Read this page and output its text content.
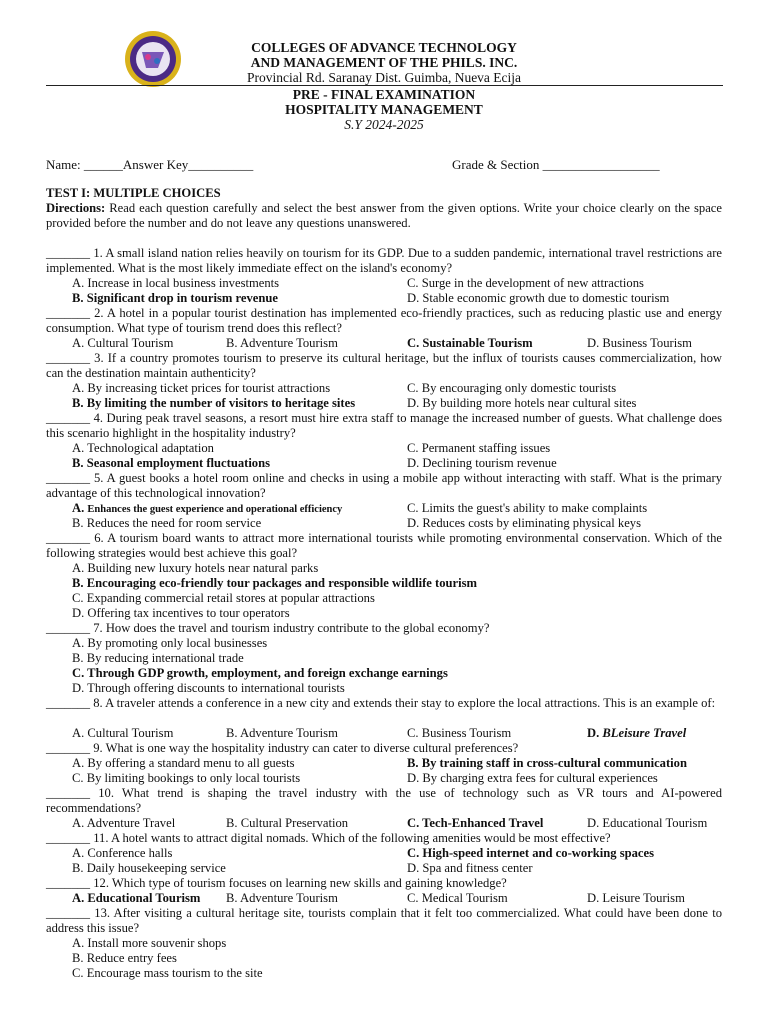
COLLEGES OF ADVANCE TECHNOLOGY
AND MANAGEMENT OF THE PHILS. INC.
Provincial Rd. Saranay Dist. Guimba, Nueva Ecija
PRE - FINAL EXAMINATION
HOSPITALITY MANAGEMENT
S.Y 2024-2025
Name: ______Answer Key__________	Grade & Section __________________
TEST I: MULTIPLE CHOICES
Directions: Read each question carefully and select the best answer from the given options. Write your choice clearly on the space provided before the number and do not leave any questions unanswered.
_______ 1. A small island nation relies heavily on tourism for its GDP. Due to a sudden pandemic, international travel restrictions are implemented. What is the most likely immediate effect on the island's economy?
A. Increase in local business investments	C. Surge in the development of new attractions
B. Significant drop in tourism revenue	D. Stable economic growth due to domestic tourism
_______ 2. A hotel in a popular tourist destination has implemented eco-friendly practices, such as reducing plastic use and energy consumption. What type of tourism trend does this reflect?
A. Cultural Tourism	B. Adventure Tourism	C. Sustainable Tourism	D. Business Tourism
_______ 3. If a country promotes tourism to preserve its cultural heritage, but the influx of tourists causes commercialization, how can the destination maintain authenticity?
A. By increasing ticket prices for tourist attractions	C. By encouraging only domestic tourists
B. By limiting the number of visitors to heritage sites	D. By building more hotels near cultural sites
_______ 4. During peak travel seasons, a resort must hire extra staff to manage the increased number of guests. What challenge does this scenario highlight in the hospitality industry?
A. Technological adaptation	C. Permanent staffing issues
B. Seasonal employment fluctuations	D. Declining tourism revenue
_______ 5. A guest books a hotel room online and checks in using a mobile app without interacting with staff. What is the primary advantage of this technological innovation?
A. Enhances the guest experience and operational efficiency	C. Limits the guest's ability to make complaints
B. Reduces the need for room service	D. Reduces costs by eliminating physical keys
_______ 6. A tourism board wants to attract more international tourists while promoting environmental conservation. Which of the following strategies would best achieve this goal?
A. Building new luxury hotels near natural parks
B. Encouraging eco-friendly tour packages and responsible wildlife tourism
C. Expanding commercial retail stores at popular attractions
D. Offering tax incentives to tour operators
_______ 7. How does the travel and tourism industry contribute to the global economy?
A. By promoting only local businesses
B. By reducing international trade
C. Through GDP growth, employment, and foreign exchange earnings
D. Through offering discounts to international tourists
_______ 8. A traveler attends a conference in a new city and extends their stay to explore the local attractions. This is an example of:
A. Cultural Tourism	B. Adventure Tourism	C. Business Tourism	D. BLeisure Travel
_______ 9. What is one way the hospitality industry can cater to diverse cultural preferences?
A. By offering a standard menu to all guests	B. By training staff in cross-cultural communication
C. By limiting bookings to only local tourists	D. By charging extra fees for cultural experiences
_______ 10. What trend is shaping the travel industry with the use of technology such as VR tours and AI-powered recommendations?
A. Adventure Travel	B. Cultural Preservation	C. Tech-Enhanced Travel	D. Educational Tourism
_______ 11. A hotel wants to attract digital nomads. Which of the following amenities would be most effective?
A. Conference halls	C. High-speed internet and co-working spaces
B. Daily housekeeping service	D. Spa and fitness center
_______ 12. Which type of tourism focuses on learning new skills and gaining knowledge?
A. Educational Tourism B. Adventure Tourism	C. Medical Tourism	D. Leisure Tourism
_______ 13. After visiting a cultural heritage site, tourists complain that it felt too commercialized. What could have been done to address this issue?
A. Install more souvenir shops
B. Reduce entry fees
C. Encourage mass tourism to the site
